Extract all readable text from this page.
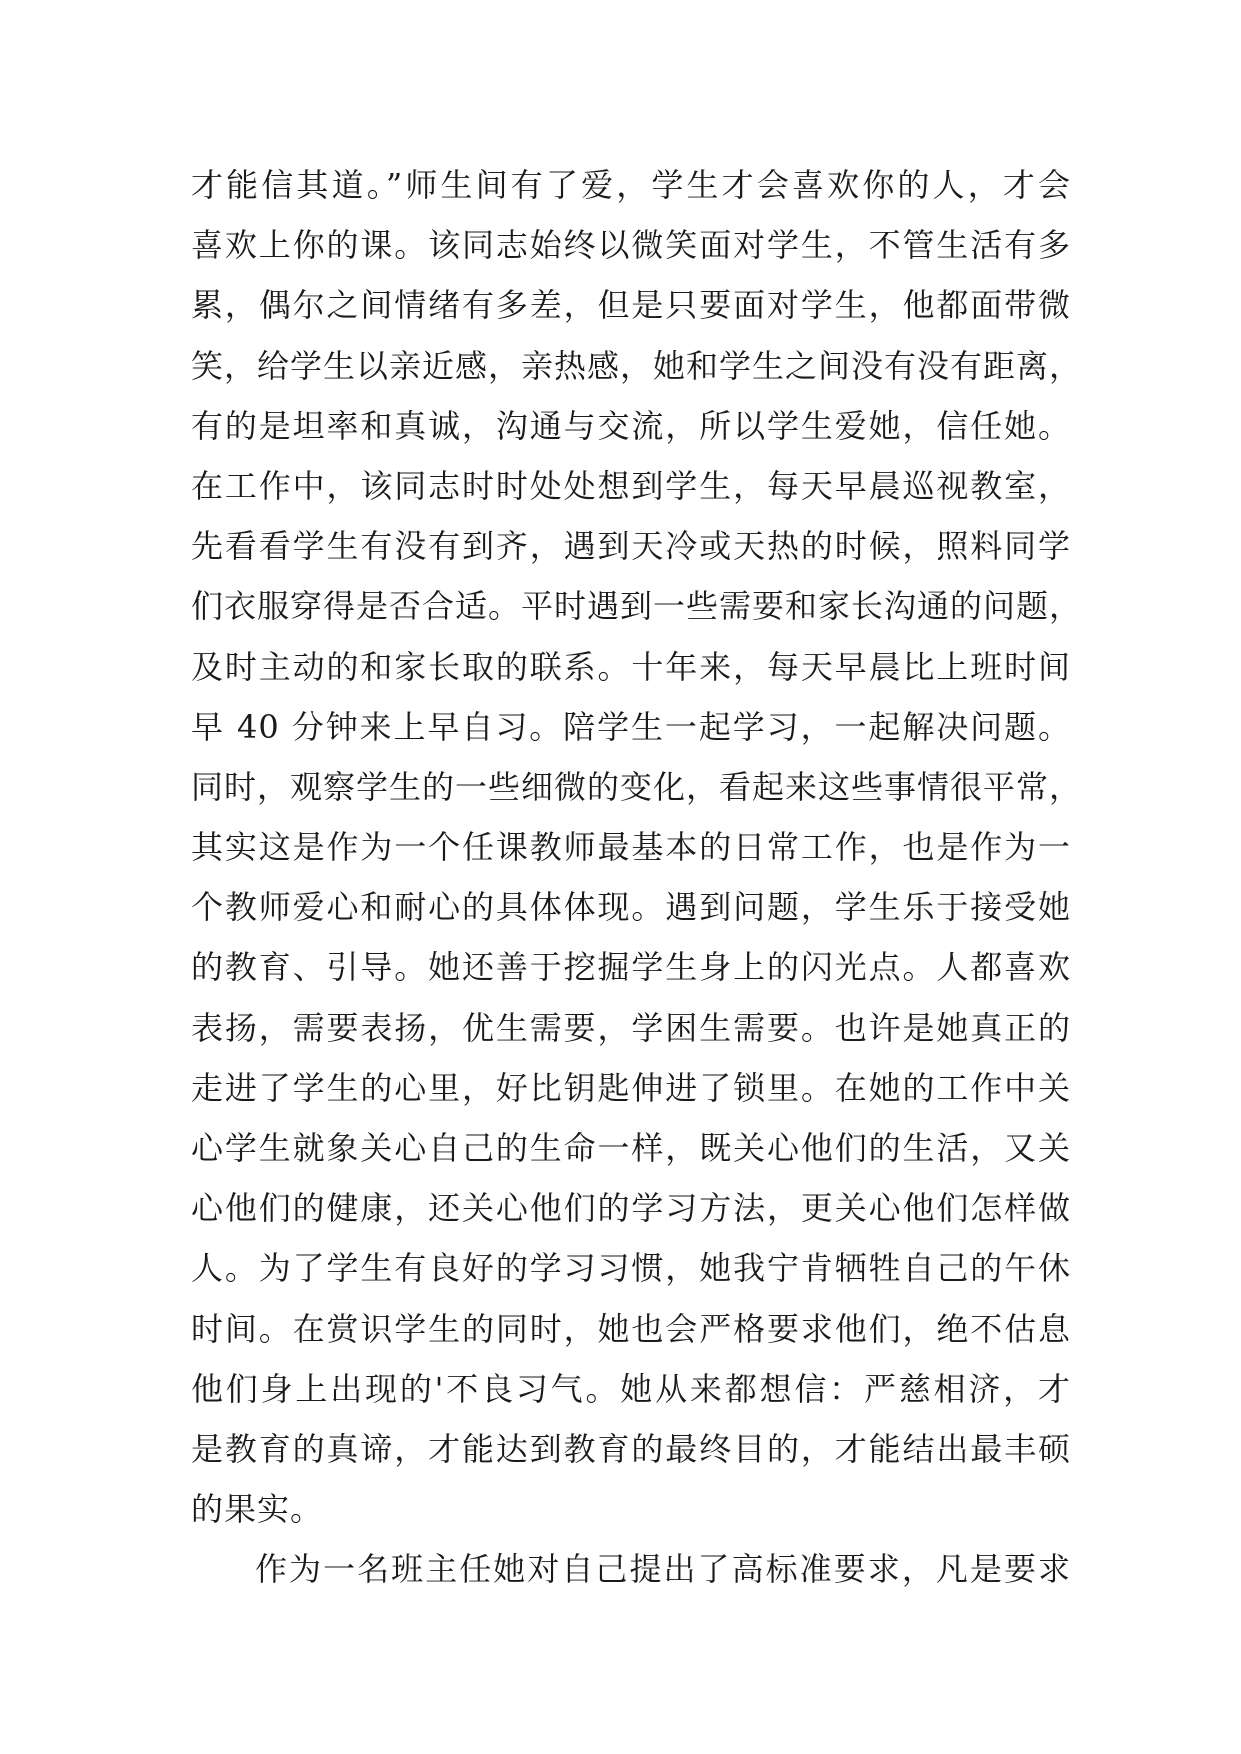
才能信其道。”师生间有了爱，学生才会喜欢你的人，才会
喜欢上你的课。该同志始终以微笑面对学生，不管生活有多
累，偶尔之间情绪有多差，但是只要面对学生，他都面带微
笑，给学生以亲近感，亲热感，她和学生之间没有没有距离，
有的是坦率和真诚，沟通与交流，所以学生爱她，信任她。
在工作中，该同志时时处处想到学生，每天早晨巡视教室，
先看看学生有没有到齐，遇到天冷或天热的时候，照料同学
们衣服穿得是否合适。平时遇到一些需要和家长沟通的问题，
及时主动的和家长取的联系。十年来，每天早晨比上班时间
早 40 分钟来上早自习。陪学生一起学习，一起解决问题。
同时，观察学生的一些细微的变化，看起来这些事情很平常，
其实这是作为一个任课教师最基本的日常工作，也是作为一
个教师爱心和耐心的具体体现。遇到问题，学生乐于接受她
的教育、引导。她还善于挖掘学生身上的闪光点。人都喜欢
表扬，需要表扬，优生需要，学困生需要。也许是她真正的
走进了学生的心里，好比钥匙伸进了锁里。在她的工作中关
心学生就象关心自己的生命一样，既关心他们的生活，又关
心他们的健康，还关心他们的学习方法，更关心他们怎样做
人。为了学生有良好的学习习惯，她我宁肯牺牲自己的午休
时间。在赏识学生的同时，她也会严格要求他们，绝不估息
他们身上出现的'不良习气。她从来都想信：严慈相济，才
是教育的真谛，才能达到教育的最终目的，才能结出最丰硕
的果实。
作为一名班主任她对自己提出了高标准要求，凡是要求
